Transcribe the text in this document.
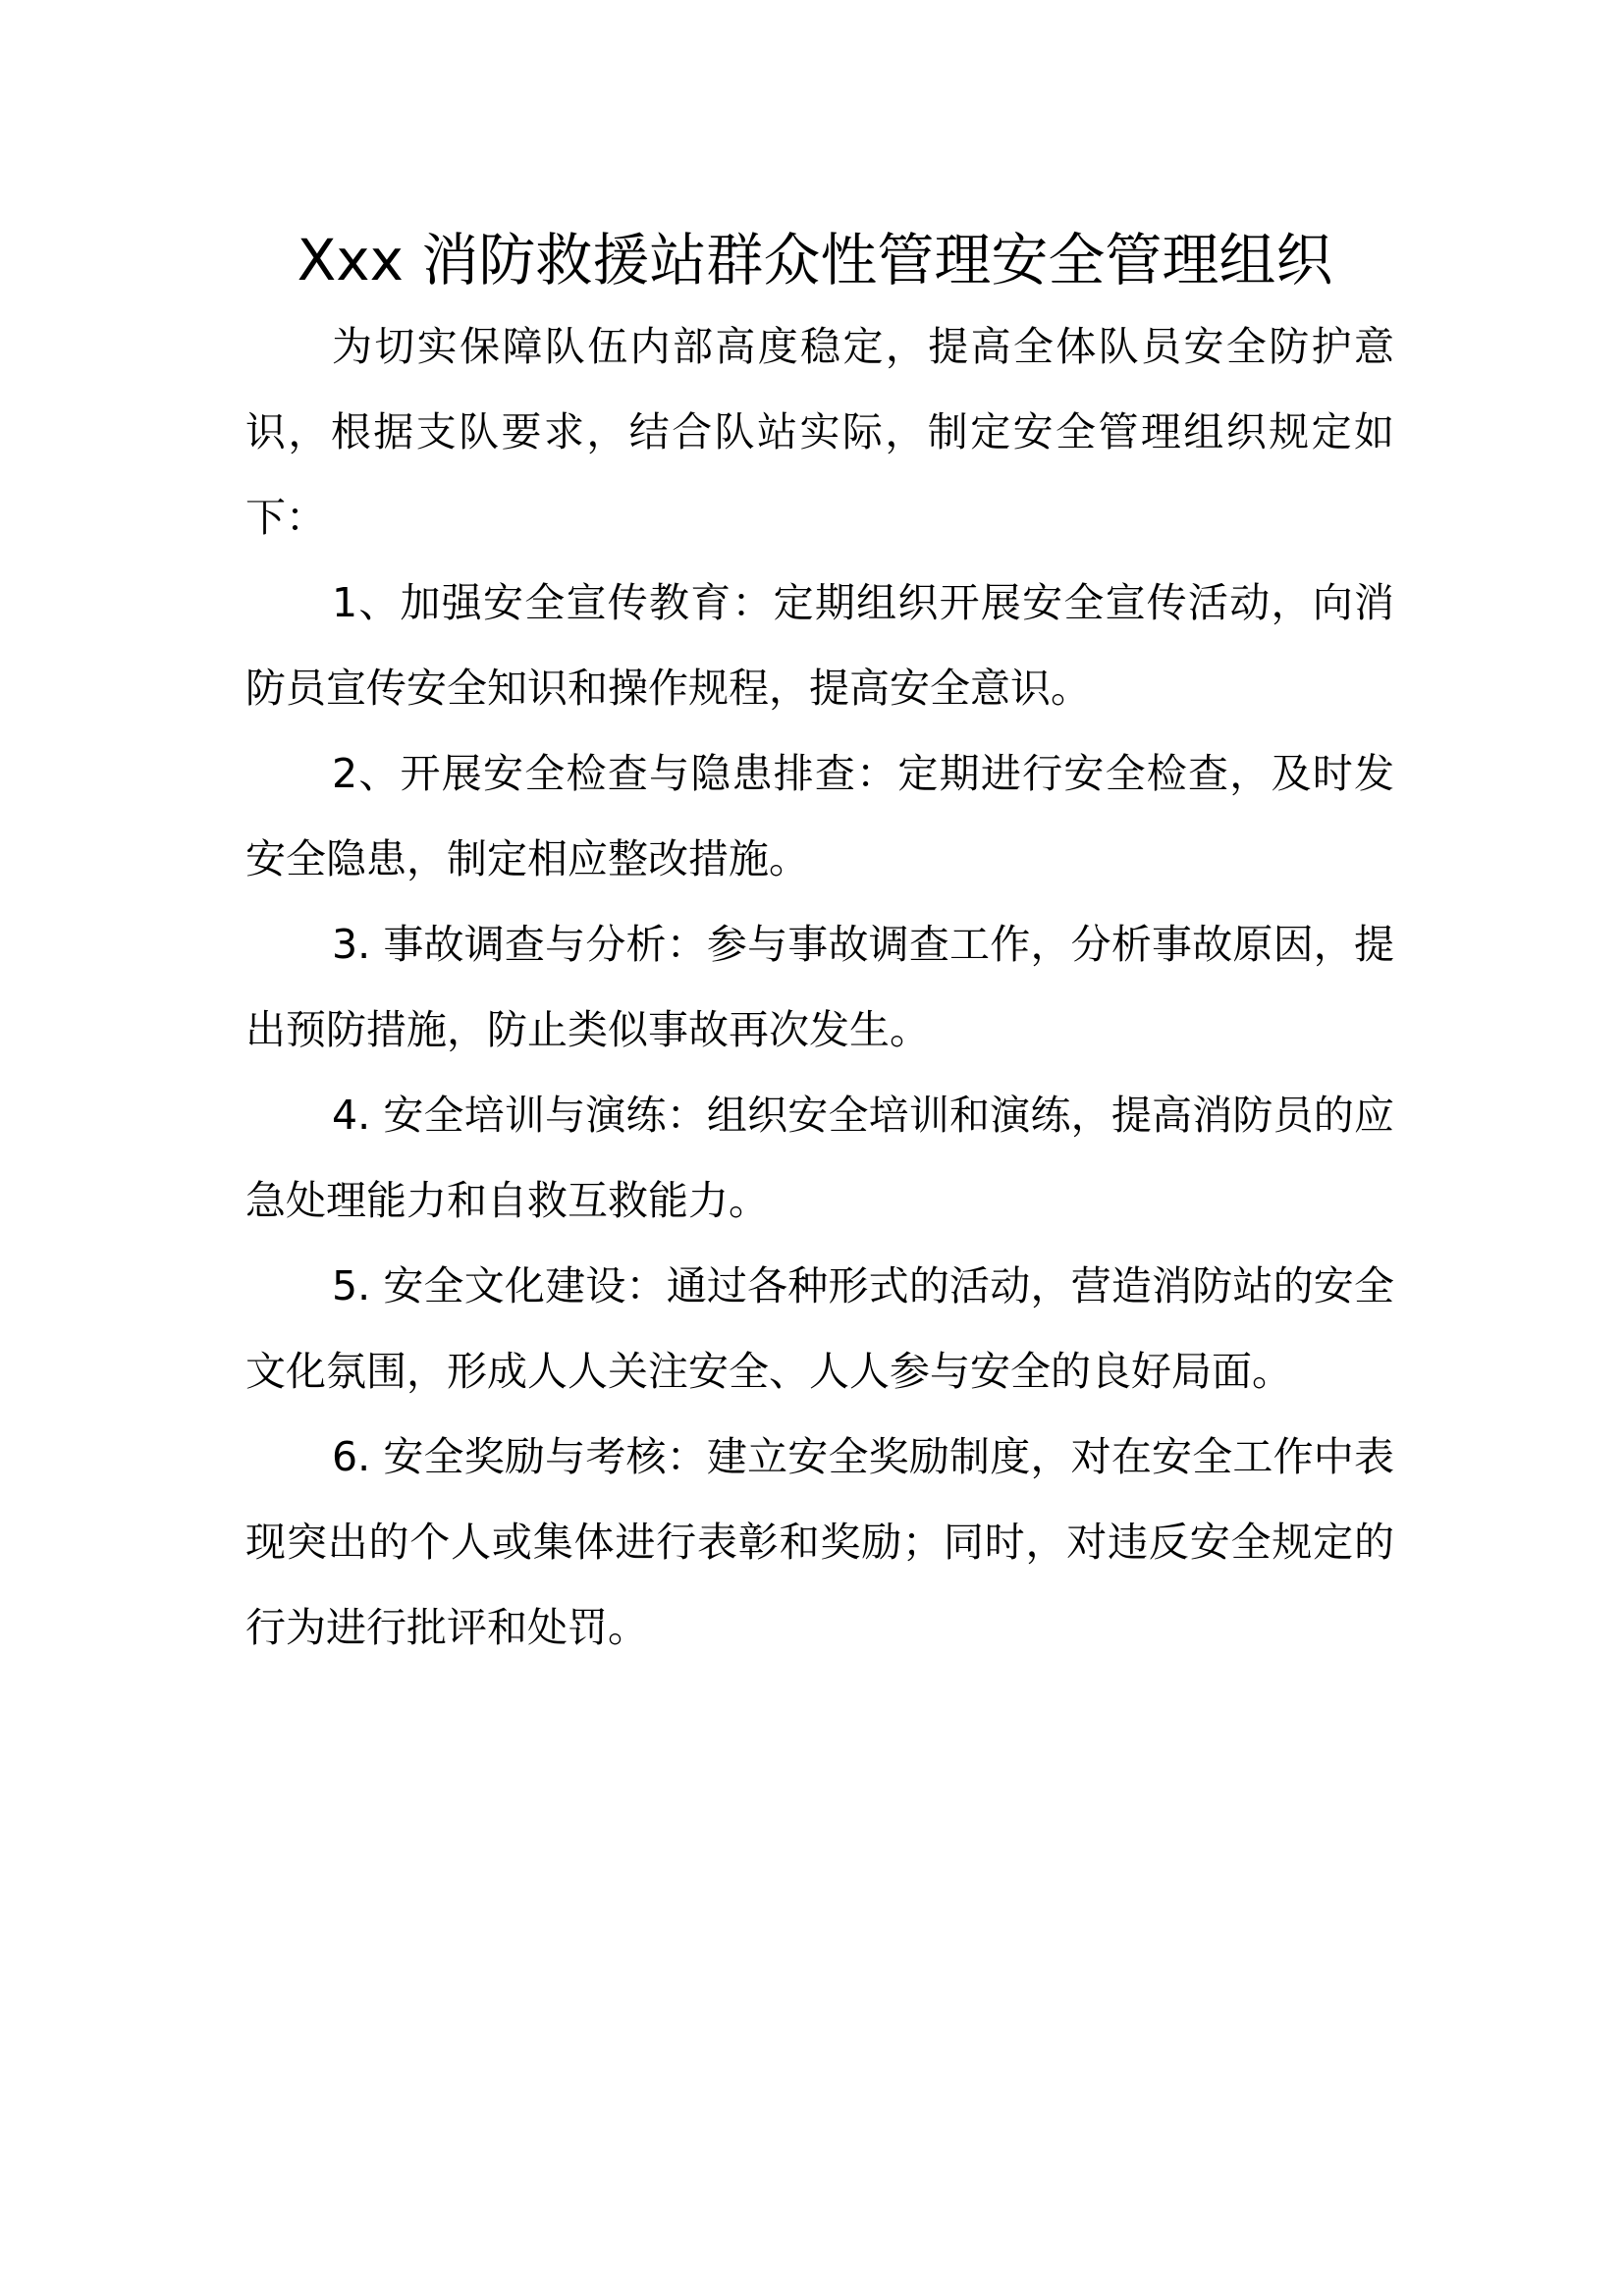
Xxx 消防救援站群众性管理安全管理组织

为切实保障队伍内部高度稳定，提高全体队员安全防护意识，根据支队要求，结合队站实际，制定安全管理组织规定如下：

1、加强安全宣传教育：定期组织开展安全宣传活动，向消防员宣传安全知识和操作规程，提高安全意识。

2、开展安全检查与隐患排查：定期进行安全检查，及时发安全隐患，制定相应整改措施。

3. 事故调查与分析：参与事故调查工作，分析事故原因，提出预防措施，防止类似事故再次发生。

4. 安全培训与演练：组织安全培训和演练，提高消防员的应急处理能力和自救互救能力。

5. 安全文化建设：通过各种形式的活动，营造消防站的安全文化氛围，形成人人关注安全、人人参与安全的良好局面。

6. 安全奖励与考核：建立安全奖励制度，对在安全工作中表现突出的个人或集体进行表彰和奖励；同时，对违反安全规定的行为进行批评和处罚。
